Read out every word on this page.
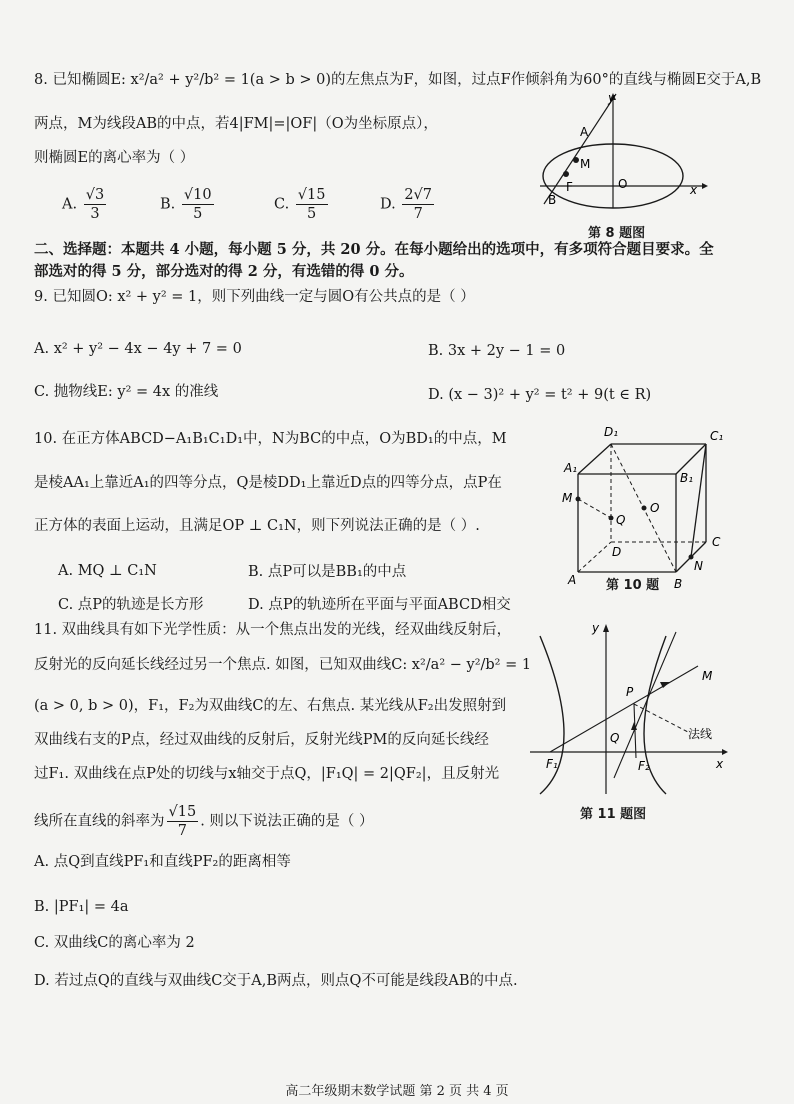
8. 已知椭圆E: x²/a² + y²/b² = 1(a > b > 0)的左焦点为F，如图，过点F作倾斜角为60°的直线与椭圆E交于A,B
两点，M为线段AB的中点，若4|FM|=|OF|（O为坐标原点），
则椭圆E的离心率为（ ）
A. $\frac{√3}{3}$	B. $\frac{√10}{5}$	C. $\frac{√15}{5}$	D. $\frac{2√7}{7}$
y
x
A
M
F	O
B
第 8 题图
二、选择题：本题共 4 小题，每小题 5 分，共 20 分。在每小题给出的选项中，有多项符合题目要求。全
部选对的得 5 分，部分选对的得 2 分，有选错的得 0 分。
9. 已知圆O: x² + y² = 1，则下列曲线一定与圆O有公共点的是（ ）
A. x² + y² − 4x − 4y + 7 = 0	B. 3x + 2y − 1 = 0
C. 抛物线E: y² = 4x 的准线	D. (x − 3)² + y² = t² + 9(t ∈ R)
10. 在正方体ABCD−A₁B₁C₁D₁中，N为BC的中点，O为BD₁的中点，M
是棱AA₁上靠近A₁的四等分点，Q是棱DD₁上靠近D点的四等分点，点P在
正方体的表面上运动，且满足OP ⊥ C₁N，则下列说法正确的是（ ）.
A. MQ ⊥ C₁N	B. 点P可以是BB₁的中点
C. 点P的轨迹是长方形	D. 点P的轨迹所在平面与平面ABCD相交
D₁	C₁
A₁
B₁
M
Q
O
D
C
N
A	B
第 10 题
11. 双曲线具有如下光学性质：从一个焦点出发的光线，经双曲线反射后，
反射光的反向延长线经过另一个焦点. 如图，已知双曲线C: x²/a² − y²/b² = 1
(a > 0, b > 0)，F₁，F₂为双曲线C的左、右焦点. 某光线从F₂出发照射到
双曲线右支的P点，经过双曲线的反射后，反射光线PM的反向延长线经
过F₁. 双曲线在点P处的切线与x轴交于点Q，|F₁Q| = 2|QF₂|，且反射光
线所在直线的斜率为 $\frac{√15}{7}$ . 则以下说法正确的是（ ）
A. 点Q到直线PF₁和直线PF₂的距离相等
B. |PF₁| = 4a
C. 双曲线C的离心率为 2
D. 若过点Q的直线与双曲线C交于A,B两点，则点Q不可能是线段AB的中点.
y
M
P
法线
Q
F₁	F₂	x
第 11 题图
高二年级期末数学试题 第 2 页 共 4 页
